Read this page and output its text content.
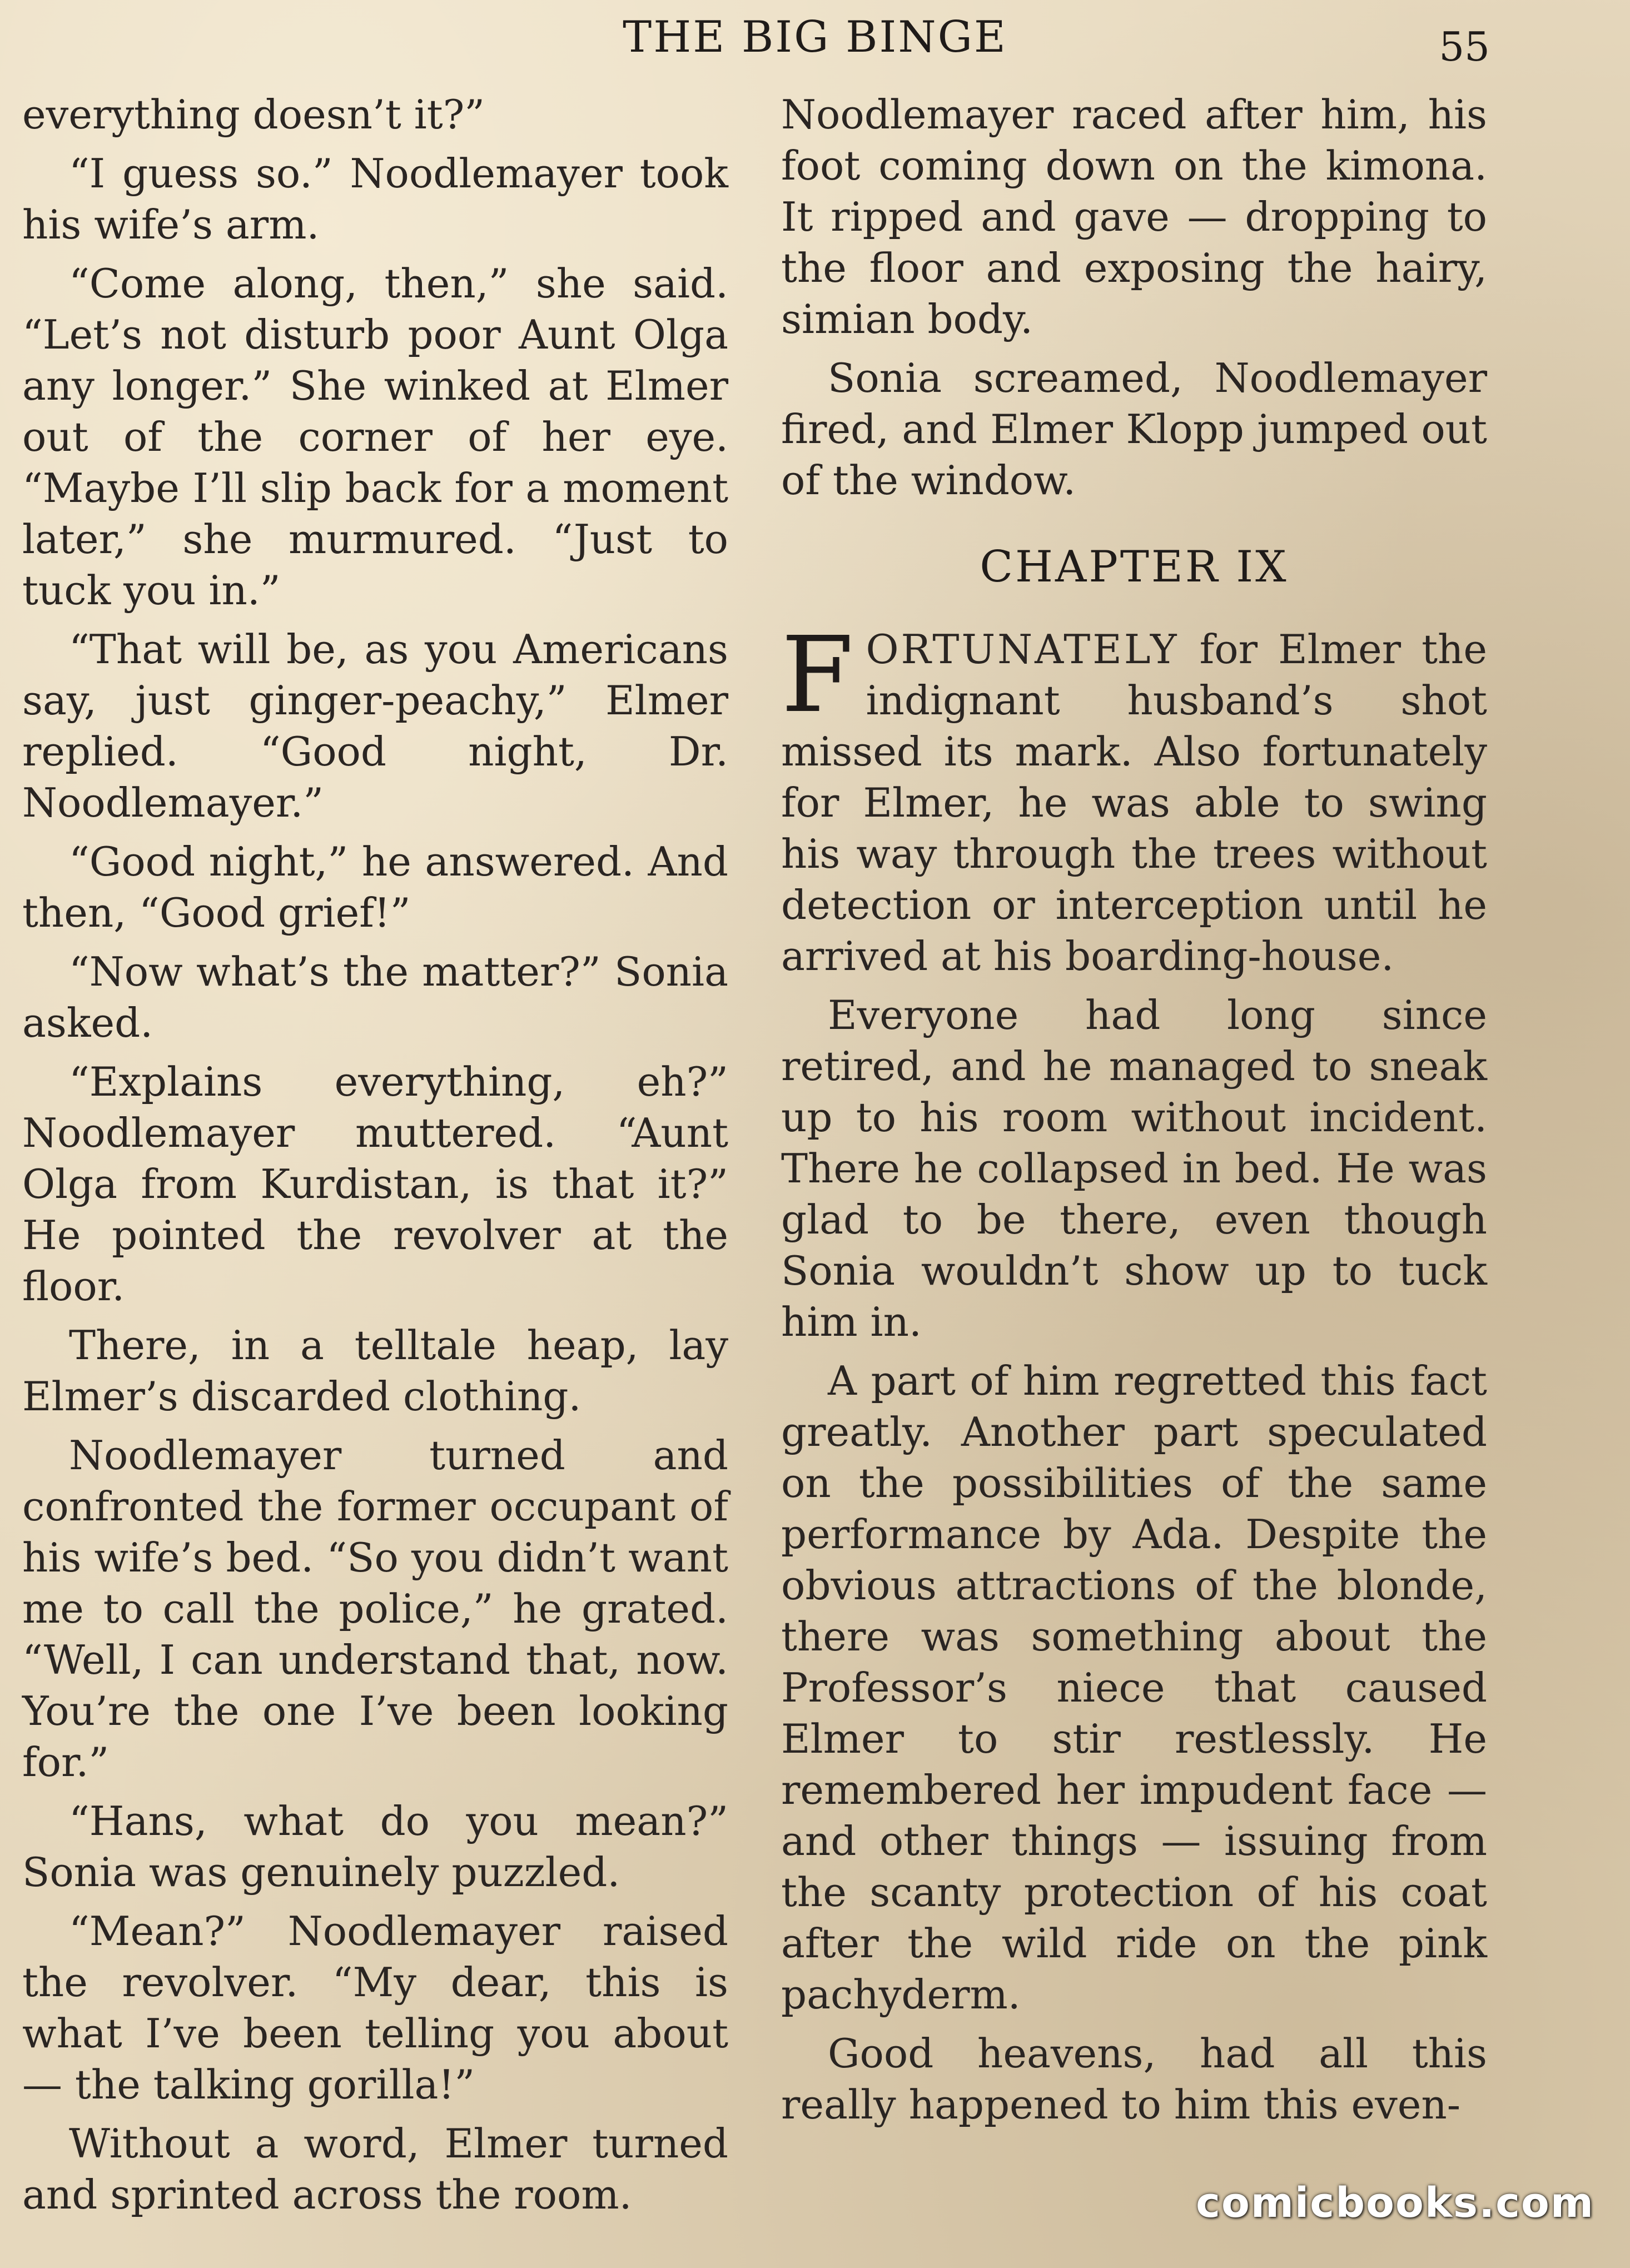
THE BIG BINGE	55

everything doesn’t it?”

“I guess so.” Noodlemayer took his wife’s arm.

“Come along, then,” she said. “Let’s not disturb poor Aunt Olga any longer.” She winked at Elmer out of the corner of her eye. “Maybe I’ll slip back for a moment later,” she murmured. “Just to tuck you in.”

“That will be, as you Americans say, just ginger-peachy,” Elmer replied. “Good night, Dr. Noodlemayer.”

“Good night,” he answered. And then, “Good grief!”

“Now what’s the matter?” Sonia asked.

“Explains everything, eh?” Noodlemayer muttered. “Aunt Olga from Kurdistan, is that it?” He pointed the revolver at the floor.

There, in a telltale heap, lay Elmer’s discarded clothing.

Noodlemayer turned and confronted the former occupant of his wife’s bed. “So you didn’t want me to call the police,” he grated. “Well, I can understand that, now. You’re the one I’ve been looking for.”

“Hans, what do you mean?” Sonia was genuinely puzzled.

“Mean?” Noodlemayer raised the revolver. “My dear, this is what I’ve been telling you about — the talking gorilla!”

Without a word, Elmer turned and sprinted across the room.

Noodlemayer raced after him, his foot coming down on the kimona. It ripped and gave — dropping to the floor and exposing the hairy, simian body.

Sonia screamed, Noodlemayer fired, and Elmer Klopp jumped out of the window.

CHAPTER IX

FORTUNATELY for Elmer the indignant husband’s shot missed its mark. Also fortunately for Elmer, he was able to swing his way through the trees without detection or interception until he arrived at his boarding-house.

Everyone had long since retired, and he managed to sneak up to his room without incident. There he collapsed in bed. He was glad to be there, even though Sonia wouldn’t show up to tuck him in.

A part of him regretted this fact greatly. Another part speculated on the possibilities of the same performance by Ada. Despite the obvious attractions of the blonde, there was something about the Professor’s niece that caused Elmer to stir restlessly. He remembered her impudent face — and other things — issuing from the scanty protection of his coat after the wild ride on the pink pachyderm.

Good heavens, had all this really happened to him this even-

comicbooks.com
